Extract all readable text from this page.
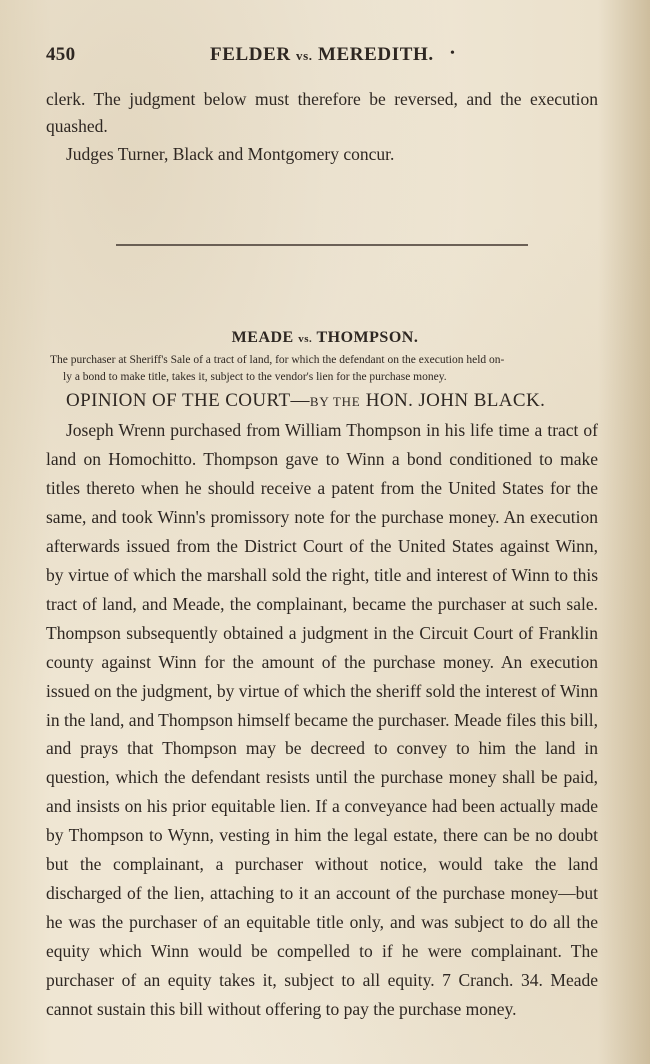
450	FELDER vs. MEREDITH. •
clerk. The judgment below must therefore be reversed, and the execution quashed.
Judges Turner, Black and Montgomery concur.
MEADE vs. THOMPSON.
The purchaser at Sheriff's Sale of a tract of land, for which the defendant on the execution held on-
ly a bond to make title, takes it, subject to the vendor's lien for the purchase money.
OPINION OF THE COURT—BY THE HON. JOHN BLACK.

Joseph Wrenn purchased from William Thompson in his life time a tract of land on Homochitto. Thompson gave to Winn a bond conditioned to make titles thereto when he should receive a patent from the United States for the same, and took Winn's promissory note for the purchase money. An execution afterwards issued from the District Court of the United States against Winn, by virtue of which the marshall sold the right, title and interest of Winn to this tract of land, and Meade, the complainant, became the purchaser at such sale. Thompson subsequently obtained a judgment in the Circuit Court of Franklin county against Winn for the amount of the purchase money. An execution issued on the judgment, by virtue of which the sheriff sold the interest of Winn in the land, and Thompson himself became the purchaser. Meade files this bill, and prays that Thompson may be decreed to convey to him the land in question, which the defendant resists until the purchase money shall be paid, and insists on his prior equitable lien. If a conveyance had been actually made by Thompson to Wynn, vesting in him the legal estate, there can be no doubt but the complainant, a purchaser without notice, would take the land discharged of the lien, attaching to it an account of the purchase money—but he was the purchaser of an equitable title only, and was subject to do all the equity which Winn would be compelled to if he were complainant. The purchaser of an equity takes it, subject to all equity. 7 Cranch. 34. Meade cannot sustain this bill without offering to pay the purchase money.
